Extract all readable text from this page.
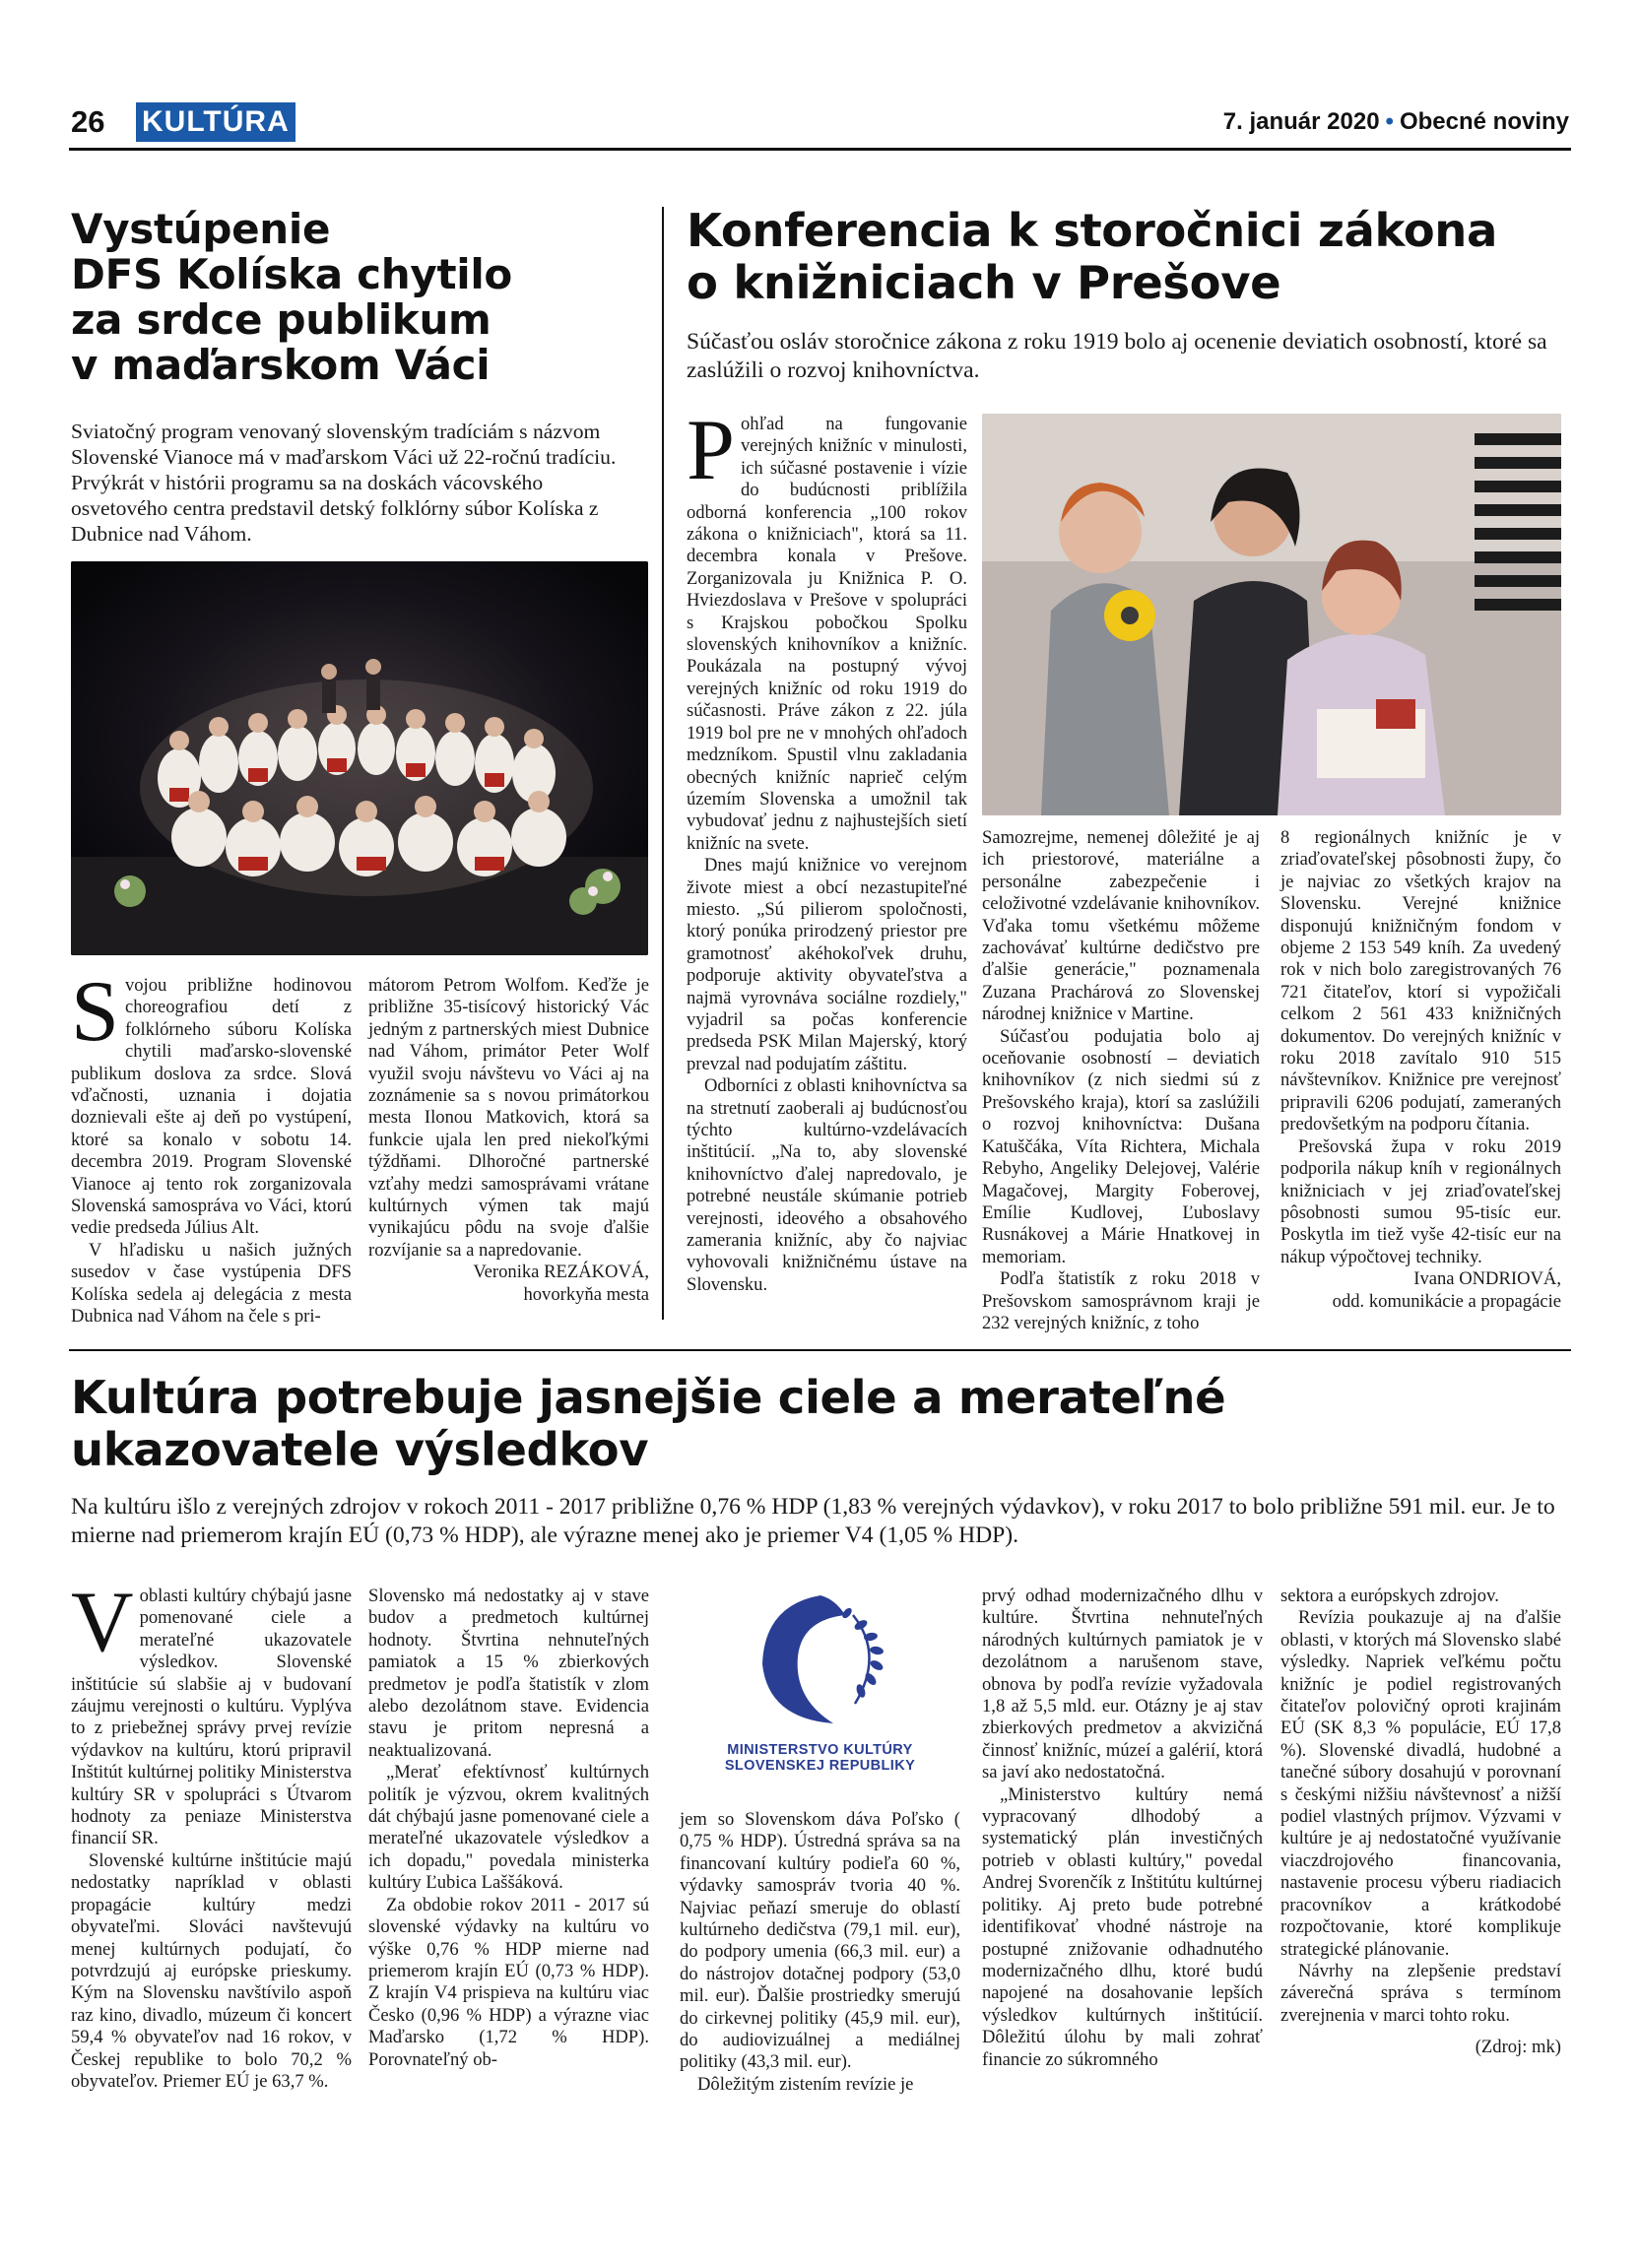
26 KULTÚRA	7. január 2020 • Obecné noviny
Vystúpenie
DFS Kolíska chytilo
za srdce publikum
v maďarskom Váci
Sviatočný program venovaný slovenským tradíciám s názvom Slovenské Vianoce má v maďarskom Váci už 22-ročnú tradíciu. Prvýkrát v histórii programu sa na doskách vácovského osvetového centra predstavil detský folklórny súbor Kolíska z Dubnice nad Váhom.
S vojou približne hodinovou choreografiou detí z folklórneho súboru Kolíska chytili maďarsko-slovenské publikum doslova za srdce. Slová vďačnosti, uznania i dojatia doznievali ešte aj deň po vystúpení, ktoré sa konalo v sobotu 14. decembra 2019. Program Slovenské Vianoce aj tento rok zorganizovala Slovenská samospráva vo Váci, ktorú vedie predseda Július Alt.

V hľadisku u našich južných susedov v čase vystúpenia DFS Kolíska sedela aj delegácia z mesta Dubnica nad Váhom na čele s pri-

mátorom Petrom Wolfom. Keďže je približne 35-tisícový historický Vác jedným z partnerských miest Dubnice nad Váhom, primátor Peter Wolf využil svoju návštevu vo Váci aj na zoznámenie sa s novou primátorkou mesta Ilonou Matkovich, ktorá sa funkcie ujala len pred niekoľkými týždňami. Dlhoročné partnerské vzťahy medzi samosprávami vrátane kultúrnych výmen tak majú vynikajúcu pôdu na svoje ďalšie rozvíjanie sa a napredovanie.

Veronika REZÁKOVÁ,

hovorkyňa mesta

Konferencia k storočnici zákona
o knižniciach v Prešove
Súčasťou osláv storočnice zákona z roku 1919 bolo aj ocenenie deviatich osobností, ktoré sa zaslúžili o rozvoj knihovníctva.
P ohľad na fungovanie verejných knižníc v minulosti, ich súčasné postavenie i vízie do budúcnosti priblížila odborná konferencia „100 rokov zákona o knižniciach", ktorá sa 11. decembra konala v Prešove. Zorganizovala ju Knižnica P. O. Hviezdoslava v Prešove v spolupráci s Krajskou pobočkou Spolku slovenských knihovníkov a knižníc. Poukázala na postupný vývoj verejných knižníc od roku 1919 do súčasnosti. Práve zákon z 22. júla 1919 bol pre ne v mnohých ohľadoch medzníkom. Spustil vlnu zakladania obecných knižníc naprieč celým územím Slovenska a umožnil tak vybudovať jednu z najhustejších sietí knižníc na svete.

Dnes majú knižnice vo verejnom živote miest a obcí nezastupiteľné miesto. „Sú pilierom spoločnosti, ktorý ponúka prirodzený priestor pre gramotnosť akéhokoľvek druhu, podporuje aktivity obyvateľstva a najmä vyrovnáva sociálne rozdiely," vyjadril sa počas konferencie predseda PSK Milan Majerský, ktorý prevzal nad podujatím záštitu.

Odborníci z oblasti knihovníctva sa na stretnutí zaoberali aj budúcnosťou týchto kultúrno-vzdelávacích inštitúcií. „Na to, aby slovenské knihovníctvo ďalej napredovalo, je potrebné neustále skúmanie potrieb verejnosti, ideového a obsahového zamerania knižníc, aby čo najviac vyhovovali knižničnému ústave na Slovensku.

Samozrejme, nemenej dôležité je aj ich priestorové, materiálne a personálne zabezpečenie i celoživotné vzdelávanie knihovníkov. Vďaka tomu všetkému môžeme zachovávať kultúrne dedičstvo pre ďalšie generácie," poznamenala Zuzana Prachárová zo Slovenskej národnej knižnice v Martine.

Súčasťou podujatia bolo aj oceňovanie osobností – deviatich knihovníkov (z nich siedmi sú z Prešovského kraja), ktorí sa zaslúžili o rozvoj knihovníctva: Dušana Katuščáka, Víta Richtera, Michala Rebyho, Angeliky Delejovej, Valérie Magačovej, Margity Foberovej, Emílie Kudlovej, Ľuboslavy Rusnákovej a Márie Hnatkovej in memoriam.

Podľa štatistík z roku 2018 v Prešovskom samosprávnom kraji je 232 verejných knižníc, z toho

8 regionálnych knižníc je v zriaďovateľskej pôsobnosti župy, čo je najviac zo všetkých krajov na Slovensku. Verejné knižnice disponujú knižničným fondom v objeme 2 153 549 kníh. Za uvedený rok v nich bolo zaregistrovaných 76 721 čitateľov, ktorí si vypožičali celkom 2 561 433 knižničných dokumentov. Do verejných knižníc v roku 2018 zavítalo 910 515 návštevníkov. Knižnice pre verejnosť pripravili 6206 podujatí, zameraných predovšetkým na podporu čítania.

Prešovská župa v roku 2019 podporila nákup kníh v regionálnych knižniciach v jej zriaďovateľskej pôsobnosti sumou 95-tisíc eur. Poskytla im tiež vyše 42-tisíc eur na nákup výpočtovej techniky.

Ivana ONDRIOVÁ,

odd. komunikácie a propagácie

Kultúra potrebuje jasnejšie ciele a merateľné
ukazovatele výsledkov
Na kultúru išlo z verejných zdrojov v rokoch 2011 - 2017 približne 0,76 % HDP (1,83 % verejných výdavkov), v roku 2017 to bolo približne 591 mil. eur. Je to mierne nad priemerom krajín EÚ (0,73 % HDP), ale výrazne menej ako je priemer V4 (1,05 % HDP).
V oblasti kultúry chýbajú jasne pomenované ciele a merateľné ukazovatele výsledkov. Slovenské inštitúcie sú slabšie aj v budovaní záujmu verejnosti o kultúru. Vyplýva to z priebežnej správy prvej revízie výdavkov na kultúru, ktorú pripravil Inštitút kultúrnej politiky Ministerstva kultúry SR v spolupráci s Útvarom hodnoty za peniaze Ministerstva financií SR.

Slovenské kultúrne inštitúcie majú nedostatky napríklad v oblasti propagácie kultúry medzi obyvateľmi. Slováci navštevujú menej kultúrnych podujatí, čo potvrdzujú aj európske prieskumy. Kým na Slovensku navštívilo aspoň raz kino, divadlo, múzeum či koncert 59,4 % obyvateľov nad 16 rokov, v Českej republike to bolo 70,2 % obyvateľov. Priemer EÚ je 63,7 %.

Slovensko má nedostatky aj v stave budov a predmetoch kultúrnej hodnoty. Štvrtina nehnuteľných pamiatok a 15 % zbierkových predmetov je podľa štatistík v zlom alebo dezolátnom stave. Evidencia stavu je pritom nepresná a neaktualizovaná.

„Merať efektívnosť kultúrnych politík je výzvou, okrem kvalitných dát chýbajú jasne pomenované ciele a merateľné ukazovatele výsledkov a ich dopadu," povedala ministerka kultúry Ľubica Laššáková.

Za obdobie rokov 2011 - 2017 sú slovenské výdavky na kultúru vo výške 0,76 % HDP mierne nad priemerom krajín EÚ (0,73 % HDP). Z krajín V4 prispieva na kultúru viac Česko (0,96 % HDP) a výrazne viac Maďarsko (1,72 % HDP). Porovnateľný ob-

MINISTERSTVO KULTÚRY
SLOVENSKEJ REPUBLIKY

jem so Slovenskom dáva Poľsko ( 0,75 % HDP). Ústredná správa sa na financovaní kultúry podieľa 60 %, výdavky samospráv tvoria 40 %. Najviac peňazí smeruje do oblastí kultúrneho dedičstva (79,1 mil. eur), do podpory umenia (66,3 mil. eur) a do nástrojov dotačnej podpory (53,0 mil. eur). Ďalšie prostriedky smerujú do cirkevnej politiky (45,9 mil. eur), do audiovizuálnej a mediálnej politiky (43,3 mil. eur).

Dôležitým zistením revízie je

prvý odhad modernizačného dlhu v kultúre. Štvrtina nehnuteľných národných kultúrnych pamiatok je v dezolátnom a narušenom stave, obnova by podľa revízie vyžadovala 1,8 až 5,5 mld. eur. Otázny je aj stav zbierkových predmetov a akvizičná činnosť knižníc, múzeí a galérií, ktorá sa javí ako nedostatočná.

„Ministerstvo kultúry nemá vypracovaný dlhodobý a systematický plán investičných potrieb v oblasti kultúry," povedal Andrej Svorenčík z Inštitútu kultúrnej politiky. Aj preto bude potrebné identifikovať vhodné nástroje na postupné znižovanie odhadnutého modernizačného dlhu, ktoré budú napojené na dosahovanie lepších výsledkov kultúrnych inštitúcií. Dôležitú úlohu by mali zohrať financie zo súkromného

sektora a európskych zdrojov.

Revízia poukazuje aj na ďalšie oblasti, v ktorých má Slovensko slabé výsledky. Napriek veľkému počtu knižníc je podiel registrovaných čitateľov polovičný oproti krajinám EÚ (SK 8,3 % populácie, EÚ 17,8 %). Slovenské divadlá, hudobné a tanečné súbory dosahujú v porovnaní s českými nižšiu návštevnosť a nižší podiel vlastných príjmov. Výzvami v kultúre je aj nedostatočné využívanie viaczdrojového financovania, nastavenie procesu výberu riadiacich pracovníkov a krátkodobé rozpočtovanie, ktoré komplikuje strategické plánovanie.

Návrhy na zlepšenie predstaví záverečná správa s termínom zverejnenia v marci tohto roku.

(Zdroj: mk)
